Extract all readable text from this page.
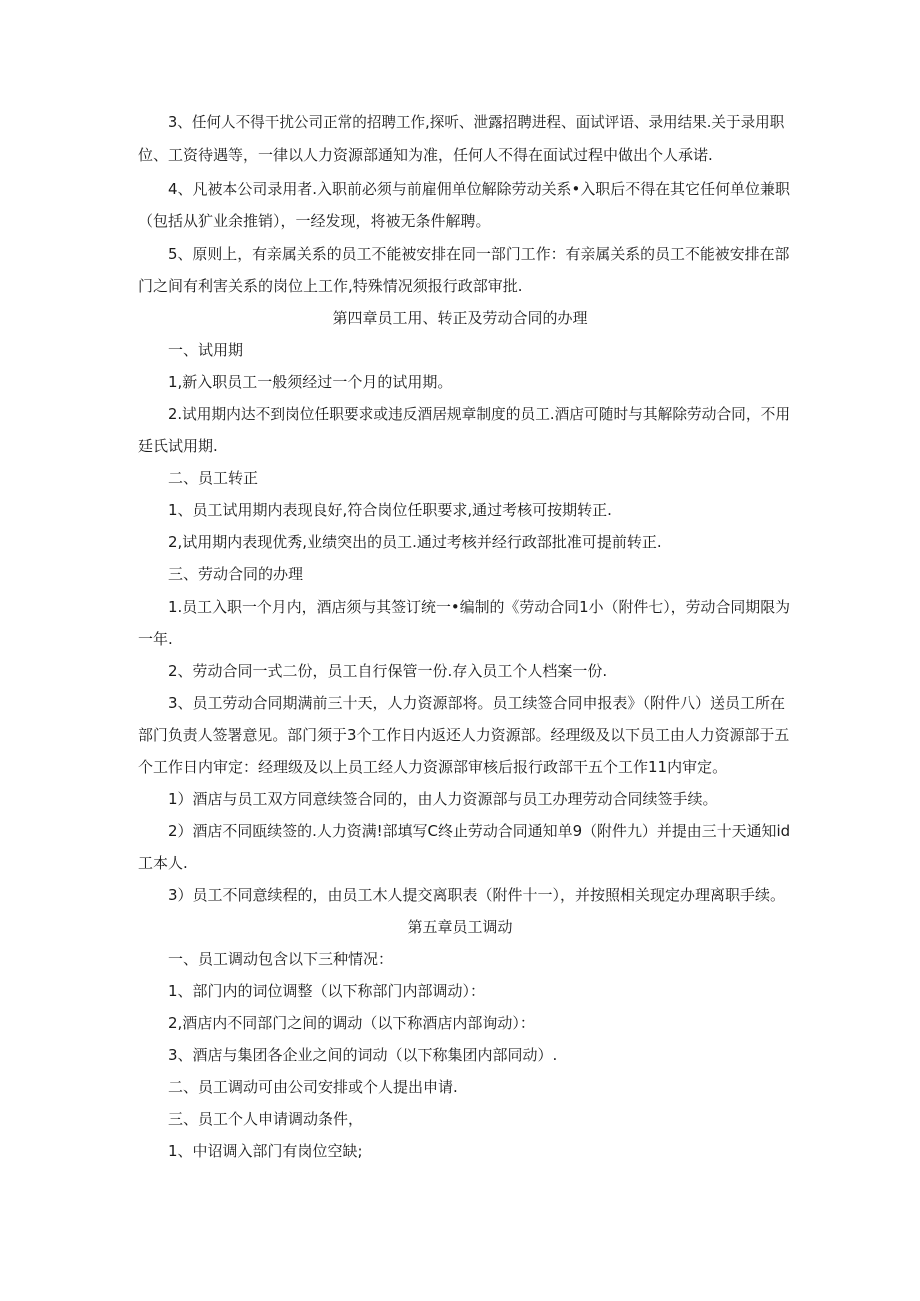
3、任何人不得干扰公司正常的招聘工作,探听、泄露招聘进程、面试评语、录用结果.关于录用职
位、工资待遇等，一律以人力资源部通知为准，任何人不得在面试过程中做出个人承诺.
4、凡被本公司录用者.入职前必须与前雇佣单位解除劳动关系•入职后不得在其它任何单位兼职
（包括从犷业余推销），一经发现，将被无条件解聘。
5、原则上，有亲属关系的员工不能被安排在同一部门工作：有亲属关系的员工不能被安排在部
门之间有利害关系的岗位上工作,特殊情况须报行政部审批.
第四章员工用、转正及劳动合同的办理
一、试用期
1,新入职员工一般须经过一个月的试用期。
2.试用期内达不到岗位任职要求或违反酒居规章制度的员工.酒店可随时与其解除劳动合同，不用
廷氏试用期.
二、员工转正
1、员工试用期内表现良好,符合岗位任职要求,通过考核可按期转正.
2,试用期内表现优秀,业绩突出的员工.通过考核并经行政部批准可提前转正.
三、劳动合同的办理
1.员工入职一个月内，酒店须与其签订统一•编制的《劳动合同1小（附件七），劳动合同期限为
一年.
2、劳动合同一式二份，员工自行保管一份.存入员工个人档案一份.
3、员工劳动合同期满前三十天，人力资源部将。员工续签合同申报表》（附件八）送员工所在
部门负责人签署意见。部门须于3个工作日内返还人力资源部。经理级及以下员工由人力资源部于五
个工作日内审定：经理级及以上员工经人力资源部审核后报行政部干五个工作11内审定。
1）酒店与员工双方同意续签合同的，由人力资源部与员工办理劳动合同续签手续。
2）酒店不同瓯续签的.人力资满!部填写C终止劳动合同通知单9（附件九）并提由三十天通知id
工本人.
3）员工不同意续程的，由员工木人提交离职表（附件十一），并按照相关现定办理离职手续。
第五章员工调动
一、员工调动包含以下三种情况：
1、部门内的词位调整（以下称部门内部调动）：
2,酒店内不同部门之间的调动（以下称酒店内部询动）：
3、酒店与集团各企业之间的词动（以下称集团内部同动）.
二、员工调动可由公司安排或个人提出申请.
三、员工个人申请调动条件，
1、中诏调入部门有岗位空缺;
